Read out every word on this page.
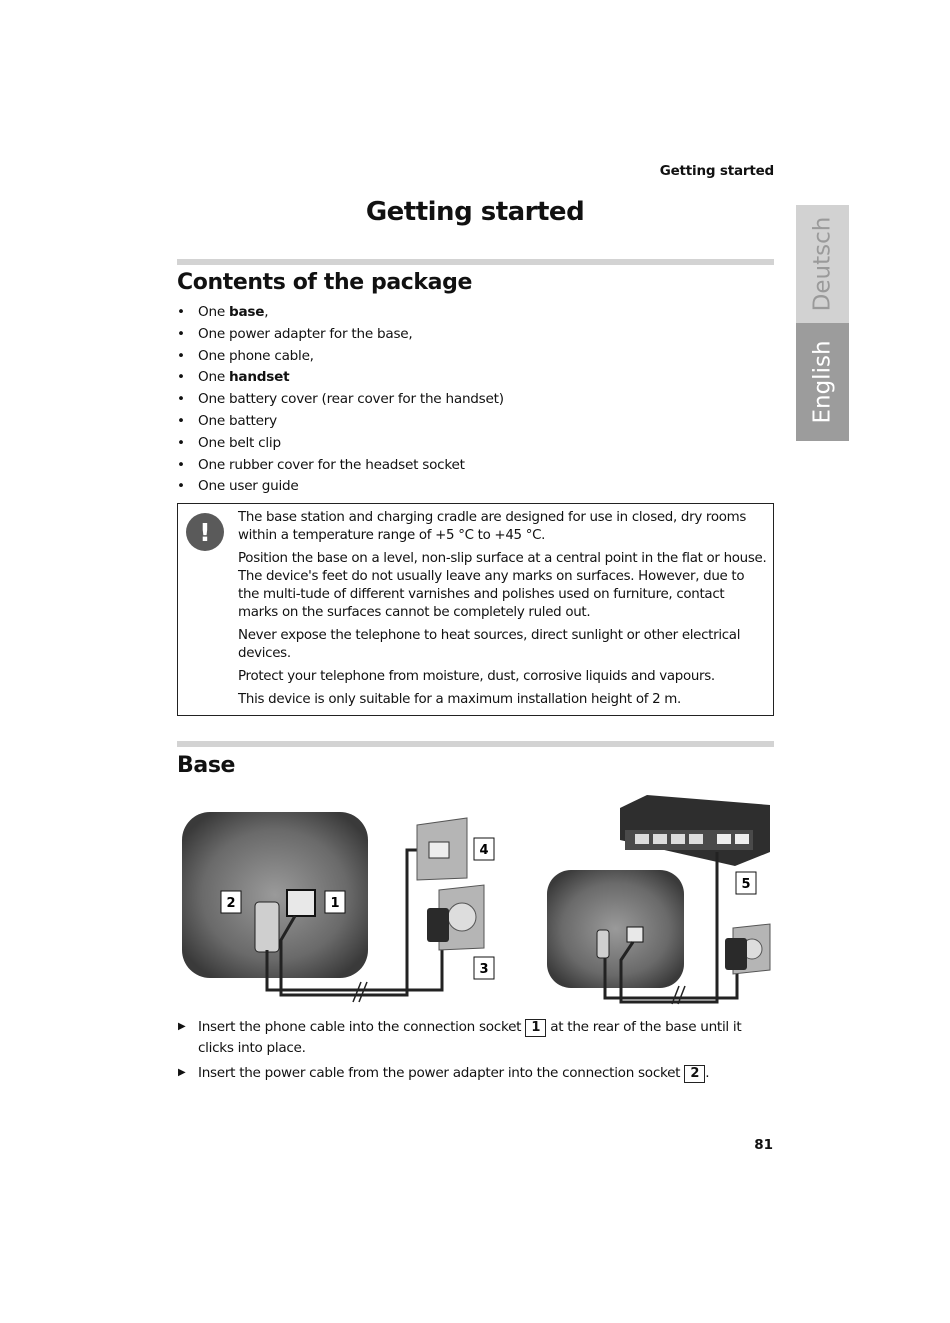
Getting started
Getting started
Deutsch
English
Contents of the package
• One base,
• One power adapter for the base,
• One phone cable,
• One handset
• One battery cover (rear cover for the handset)
• One battery
• One belt clip
• One rubber cover for the headset socket
• One user guide
!	The base station and charging cradle are designed for use in closed, dry rooms within a temperature range of +5 °C to +45 °C.

Position the base on a level, non-slip surface at a central point in the flat or house. The device's feet do not usually leave any marks on surfaces. However, due to the multi-tude of different varnishes and polishes used on furniture, contact marks on the surfaces cannot be completely ruled out.

Never expose the telephone to heat sources, direct sunlight or other electrical devices.

Protect your telephone from moisture, dust, corrosive liquids and vapours.

This device is only suitable for a maximum installation height of 2 m.

Base
4
2	1
3
5
▶ Insert the phone cable into the connection socket 1 at the rear of the base until it clicks into place.
▶ Insert the power cable from the power adapter into the connection socket 2 .
81
